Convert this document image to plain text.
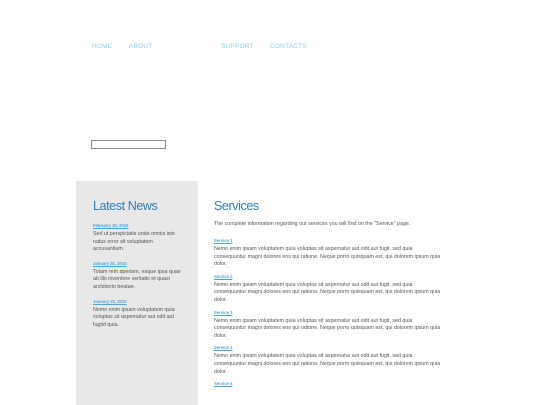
HOME	ABOUT	SUPPORT	CONTACTS
Latest News
February 15, 2010
Sed ut perspiciatis unde omnis iste natus error sit voluptatem accusantium.
January 31, 2010
Totam rem aperiam, eaque ipsa quae ab illo inventore veritatis et quasi architecto beatae.
January 22, 2010
Nemo enim ipsam voluptatem quia voluptas sit aspernatur aut odit aut fugitd quia.
Services

The complete information regarding our services you will find on the "Service" page.

Service 1
Nemo enim ipsam voluptatem quia voluptas sit aspernatur aut odit aut fugit, sed quia consequuntur magni dolores eos qui ratione. Neque porro quisquam est, qui dolorem ipsum quia dolor.
Service 2
Nemo enim ipsam voluptatem quia voluptas sit aspernatur aut odit aut fugit, sed quia consequuntur magni dolores eos qui ratione. Neque porro quisquam est, qui dolorem ipsum quia dolor.
Service 3
Nemo enim ipsam voluptatem quia voluptas sit aspernatur aut odit aut fugit, sed quia consequuntur magni dolores eos qui ratione. Neque porro quisquam est, qui dolorem ipsum quia dolor.
Service 4
Nemo enim ipsam voluptatem quia voluptas sit aspernatur aut odit aut fugit, sed quia consequuntur magni dolores eos qui ratione. Neque porro quisquam est, qui dolorem ipsum quia dolor.
Service 5
